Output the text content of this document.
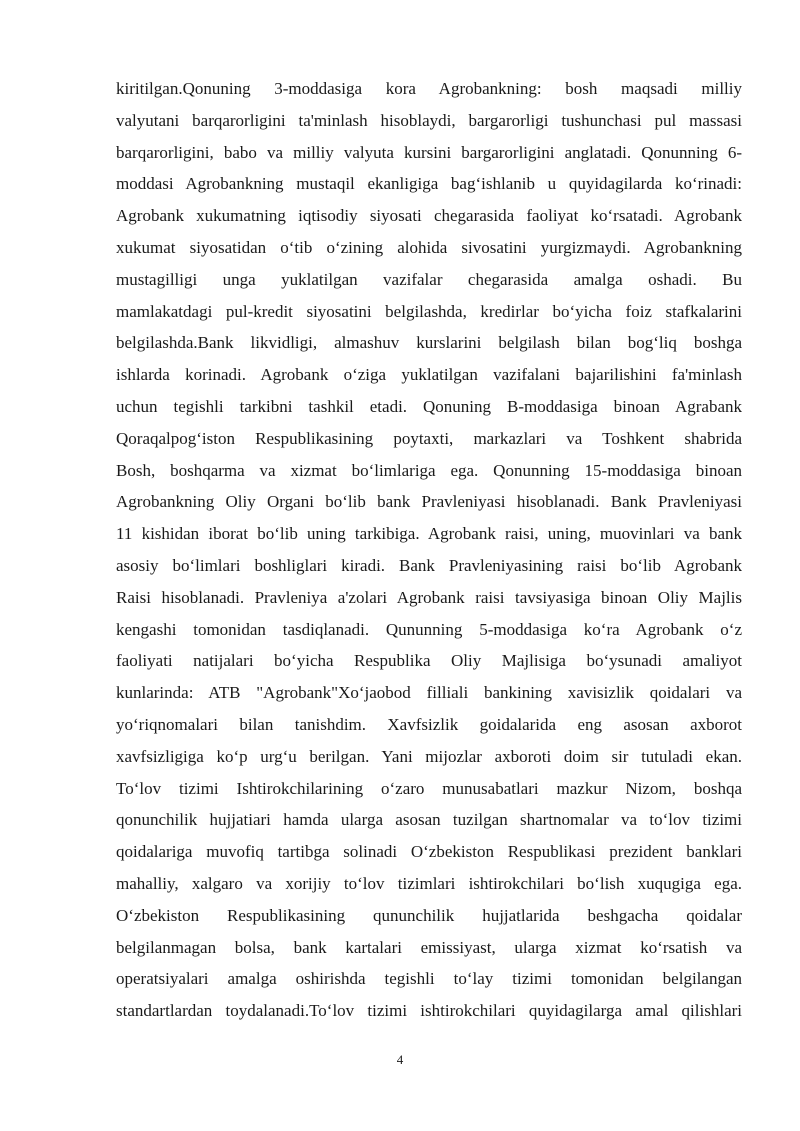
kiritilgan.Qonuning 3-moddasiga kora Agrobankning: bosh maqsadi milliy
valyutani barqarorligini ta'minlash hisoblaydi, bargarorligi tushunchasi pul massasi
barqarorligini, babo va milliy valyuta kursini bargarorligini anglatadi. Qonunning 6-
moddasi Agrobankning mustaqil ekanligiga bag‘ishlanib u quyidagilarda ko‘rinadi:
Agrobank xukumatning iqtisodiy siyosati chegarasida faoliyat ko‘rsatadi. Agrobank
xukumat siyosatidan o‘tib o‘zining alohida sivosatini yurgizmaydi. Agrobankning
mustagilligi unga yuklatilgan vazifalar chegarasida amalga oshadi. Bu
mamlakatdagi pul-kredit siyosatini belgilashda, kredirlar bo‘yicha foiz stafkalarini
belgilashda.Bank likvidligi, almashuv kurslarini belgilash bilan bog‘liq boshga
ishlarda korinadi. Agrobank o‘ziga yuklatilgan vazifalani bajarilishini fa'minlash
uchun tegishli tarkibni tashkil etadi. Qonuning B-moddasiga binoan Agrabank
Qoraqalpog‘iston Respublikasining poytaxti, markazlari va Toshkent shabrida
Bosh, boshqarma va xizmat bo‘limlariga ega. Qonunning 15-moddasiga binoan
Agrobankning Oliy Organi bo‘lib bank Pravleniyasi hisoblanadi. Bank Pravleniyasi
11 kishidan iborat bo‘lib uning tarkibiga. Agrobank raisi, uning, muovinlari va bank
asosiy bo‘limlari boshliglari kiradi. Bank Pravleniyasining raisi bo‘lib Agrobank
Raisi hisoblanadi. Pravleniya a'zolari Agrobank raisi tavsiyasiga binoan Oliy Majlis
kengashi tomonidan tasdiqlanadi. Qununning 5-moddasiga ko‘ra Agrobank o‘z
faoliyati natijalari bo‘yicha Respublika Oliy Majlisiga bo‘ysunadi amaliyot
kunlarinda: ATB "Agrobank"Xo‘jaobod filliali bankining xavisizlik qoidalari va
yo‘riqnomalari bilan tanishdim. Xavfsizlik goidalarida eng asosan axborot
xavfsizligiga ko‘p urg‘u berilgan. Yani mijozlar axboroti doim sir tutuladi ekan.
To‘lov tizimi Ishtirokchilarining o‘zaro munusabatlari mazkur Nizom, boshqa
qonunchilik hujjatiari hamda ularga asosan tuzilgan shartnomalar va to‘lov tizimi
qoidalariga muvofiq tartibga solinadi O‘zbekiston Respublikasi prezident banklari
mahalliy, xalgaro va xorijiy to‘lov tizimlari ishtirokchilari bo‘lish xuqugiga ega.
O‘zbekiston Respublikasining qununchilik hujjatlarida beshgacha qoidalar
belgilanmagan bolsa, bank kartalari emissiyast, ularga xizmat ko‘rsatish va
operatsiyalari amalga oshirishda tegishli to‘lay tizimi tomonidan belgilangan
standartlardan toydalanadi.To‘lov tizimi ishtirokchilari quyidagilarga amal qilishlari
4
